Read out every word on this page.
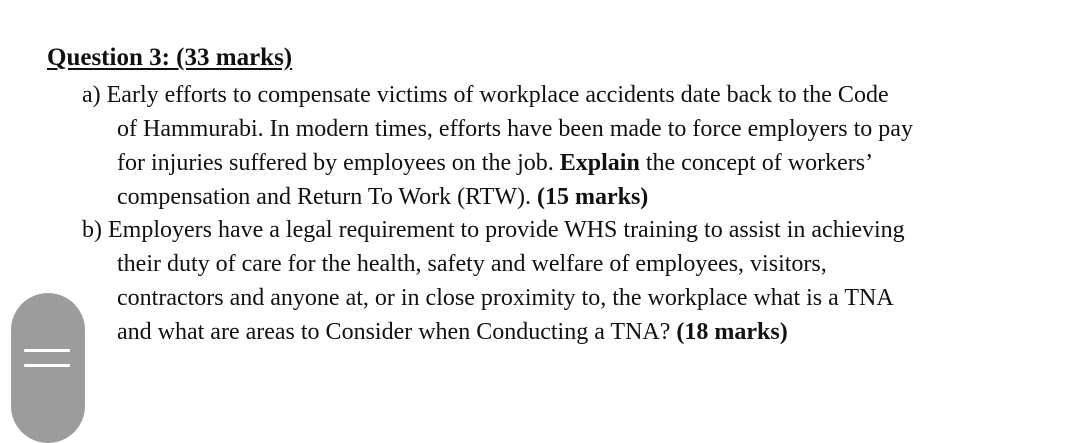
Question 3: (33 marks)
a) Early efforts to compensate victims of workplace accidents date back to the Code
of Hammurabi. In modern times, efforts have been made to force employers to pay
for injuries suffered by employees on the job. Explain the concept of workers’
compensation and Return To Work (RTW). (15 marks)
b) Employers have a legal requirement to provide WHS training to assist in achieving
their duty of care for the health, safety and welfare of employees, visitors,
contractors and anyone at, or in close proximity to, the workplace what is a TNA
and what are areas to Consider when Conducting a TNA? (18 marks)
